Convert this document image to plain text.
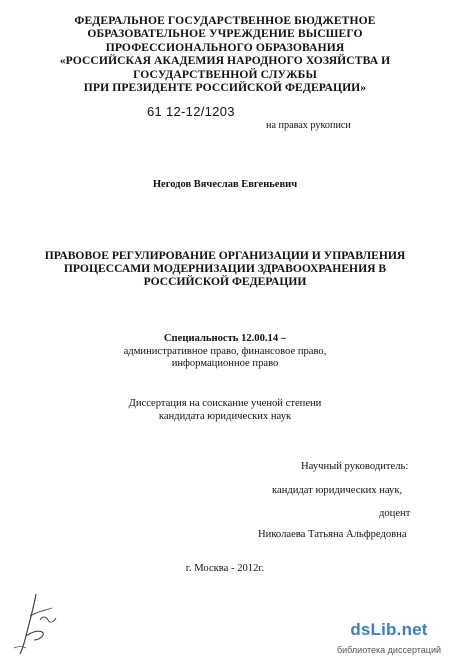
ФЕДЕРАЛЬНОЕ ГОСУДАРСТВЕННОЕ БЮДЖЕТНОЕ
ОБРАЗОВАТЕЛЬНОЕ УЧРЕЖДЕНИЕ ВЫСШЕГО
ПРОФЕССИОНАЛЬНОГО ОБРАЗОВАНИЯ
«РОССИЙСКАЯ АКАДЕМИЯ НАРОДНОГО ХОЗЯЙСТВА И
ГОСУДАРСТВЕННОЙ СЛУЖБЫ
ПРИ ПРЕЗИДЕНТЕ РОССИЙСКОЙ ФЕДЕРАЦИИ»
61 12-12/1203
на правах рукописи
Негодов Вячеслав Евгеньевич
ПРАВОВОЕ РЕГУЛИРОВАНИЕ ОРГАНИЗАЦИИ И УПРАВЛЕНИЯ
ПРОЦЕССАМИ МОДЕРНИЗАЦИИ ЗДРАВООХРАНЕНИЯ В
РОССИЙСКОЙ ФЕДЕРАЦИИ
Специальность 12.00.14 –
административное право, финансовое право,
информационное право
Диссертация на соискание ученой степени
кандидата юридических наук
Научный руководитель:
кандидат юридических наук,
доцент
Николаева Татьяна Альфредовна
г. Москва - 2012г.
dsLib.net
библиотека диссертаций
